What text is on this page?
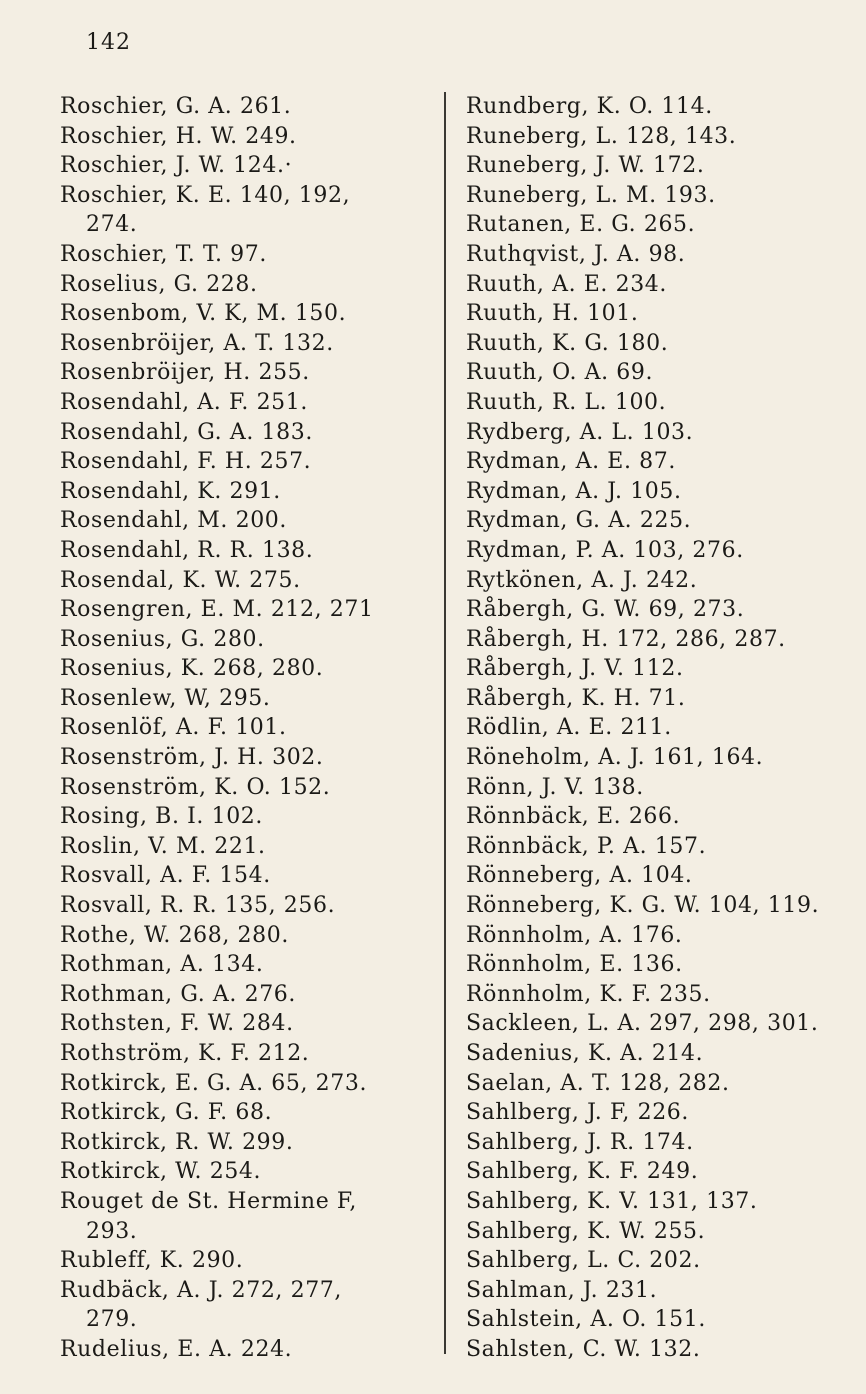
142
Roschier, G. A. 261.
Roschier, H. W. 249.
Roschier, J. W. 124.·
Roschier, K. E. 140, 192,
274.
Roschier, T. T. 97.
Roselius, G. 228.
Rosenbom, V. K, M. 150.
Rosenbröijer, A. T. 132.
Rosenbröijer, H. 255.
Rosendahl, A. F. 251.
Rosendahl, G. A. 183.
Rosendahl, F. H. 257.
Rosendahl, K. 291.
Rosendahl, M. 200.
Rosendahl, R. R. 138.
Rosendal, K. W. 275.
Rosengren, E. M. 212, 271
Rosenius, G. 280.
Rosenius, K. 268, 280.
Rosenlew, W, 295.
Rosenlöf, A. F. 101.
Rosenström, J. H. 302.
Rosenström, K. O. 152.
Rosing, B. I. 102.
Roslin, V. M. 221.
Rosvall, A. F. 154.
Rosvall, R. R. 135, 256.
Rothe, W. 268, 280.
Rothman, A. 134.
Rothman, G. A. 276.
Rothsten, F. W. 284.
Rothström, K. F. 212.
Rotkirck, E. G. A. 65, 273.
Rotkirck, G. F. 68.
Rotkirck, R. W. 299.
Rotkirck, W. 254.
Rouget de St. Hermine F,
293.
Rubleff, K. 290.
Rudbäck, A. J. 272, 277,
279.
Rudelius, E. A. 224.
Rundberg, K. O. 114.
Runeberg, L. 128, 143.
Runeberg, J. W. 172.
Runeberg, L. M. 193.
Rutanen, E. G. 265.
Ruthqvist, J. A. 98.
Ruuth, A. E. 234.
Ruuth, H. 101.
Ruuth, K. G. 180.
Ruuth, O. A. 69.
Ruuth, R. L. 100.
Rydberg, A. L. 103.
Rydman, A. E. 87.
Rydman, A. J. 105.
Rydman, G. A. 225.
Rydman, P. A. 103, 276.
Rytkönen, A. J. 242.
Råbergh, G. W. 69, 273.
Råbergh, H. 172, 286, 287.
Råbergh, J. V. 112.
Råbergh, K. H. 71.
Rödlin, A. E. 211.
Röneholm, A. J. 161, 164.
Rönn, J. V. 138.
Rönnbäck, E. 266.
Rönnbäck, P. A. 157.
Rönneberg, A. 104.
Rönneberg, K. G. W. 104, 119.
Rönnholm, A. 176.
Rönnholm, E. 136.
Rönnholm, K. F. 235.
Sackleen, L. A. 297, 298, 301.
Sadenius, K. A. 214.
Saelan, A. T. 128, 282.
Sahlberg, J. F, 226.
Sahlberg, J. R. 174.
Sahlberg, K. F. 249.
Sahlberg, K. V. 131, 137.
Sahlberg, K. W. 255.
Sahlberg, L. C. 202.
Sahlman, J. 231.
Sahlstein, A. O. 151.
Sahlsten, C. W. 132.
